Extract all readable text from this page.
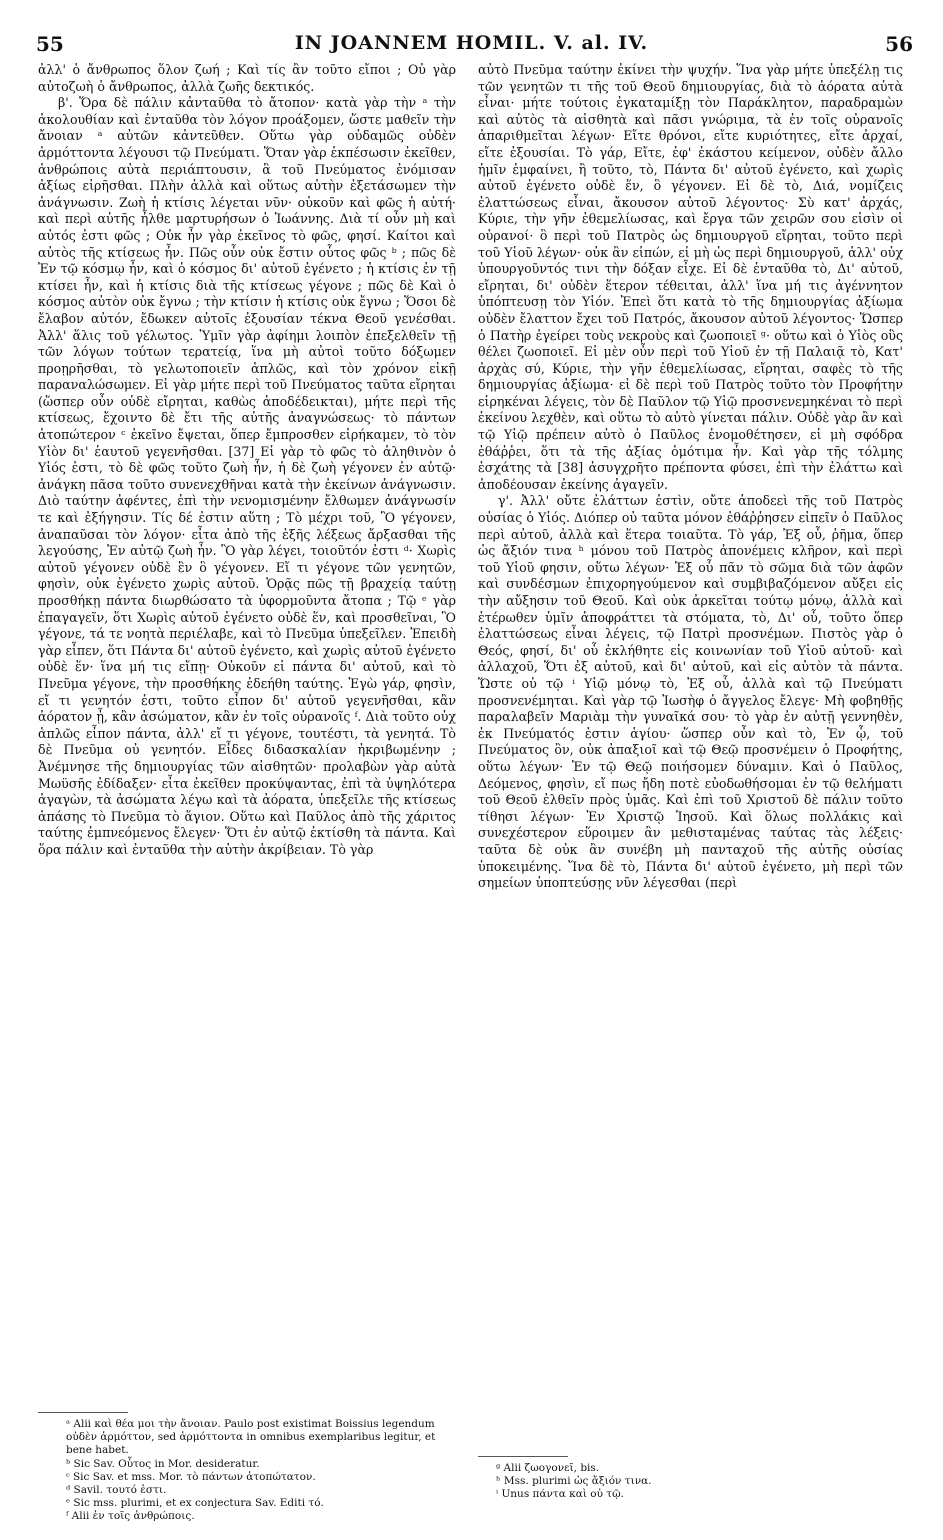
55	IN JOANNEM HOMIL. V. al. IV.	56

ἀλλ' ὁ ἄνθρωπος ὅλον ζωή ; Καὶ τίς ἂν τοῦτο εἴποι ; Οὐ γὰρ αὐτοζωὴ ὁ ἄνθρωπος, ἀλλὰ ζωῆς δεκτικός.

β'. Ὅρα δὲ πάλιν κἀνταῦθα τὸ ἄτοπον· κατὰ γὰρ τὴν ᵃ τὴν ἀκολουθίαν καὶ ἐνταῦθα τὸν λόγον προάξομεν, ὥστε μαθεῖν τὴν ἄνοιαν ᵃ αὐτῶν κἀντεῦθεν. Οὕτω γὰρ οὐδαμῶς οὐδὲν ἁρμόττοντα λέγουσι τῷ Πνεύματι. Ὅταν γὰρ ἐκπέσωσιν ἐκεῖθεν, ἀνθρώποις αὐτὰ περιάπτουσιν, ἃ τοῦ Πνεύματος ἐνόμισαν ἀξίως εἰρῆσθαι. Πλὴν ἀλλὰ καὶ οὕτως αὐτὴν ἐξετάσωμεν τὴν ἀνάγνωσιν. Ζωὴ ἡ κτίσις λέγεται νῦν· οὐκοῦν καὶ φῶς ἡ αὐτή· καὶ περὶ αὐτῆς ἦλθε μαρτυρήσων ὁ Ἰωάννης. Διὰ τί οὖν μὴ καὶ αὐτός ἐστι φῶς ; Οὐκ ἦν γὰρ ἐκεῖνος τὸ φῶς, φησί. Καίτοι καὶ αὐτὸς τῆς κτίσεως ἦν. Πῶς οὖν οὐκ ἔστιν οὗτος φῶς ᵇ ; πῶς δὲ Ἐν τῷ κόσμῳ ἦν, καὶ ὁ κόσμος δι' αὐτοῦ ἐγένετο ; ἡ κτίσις ἐν τῇ κτίσει ἦν, καὶ ἡ κτίσις διὰ τῆς κτίσεως γέγονε ; πῶς δὲ Καὶ ὁ κόσμος αὐτὸν οὐκ ἔγνω ; τὴν κτίσιν ἡ κτίσις οὐκ ἔγνω ; Ὅσοι δὲ ἔλαβον αὐτόν, ἔδωκεν αὐτοῖς ἐξουσίαν τέκνα Θεοῦ γενέσθαι. Ἀλλ' ἅλις τοῦ γέλωτος. Ὑμῖν γὰρ ἀφίημι λοιπὸν ἐπεξελθεῖν τῇ τῶν λόγων τούτων τερατείᾳ, ἵνα μὴ αὐτοὶ τοῦτο δόξωμεν προῃρῆσθαι, τὸ γελωτοποιεῖν ἁπλῶς, καὶ τὸν χρόνον εἰκῇ παραναλώσωμεν. Εἰ γὰρ μήτε περὶ τοῦ Πνεύματος ταῦτα εἴρηται (ὥσπερ οὖν οὐδὲ εἴρηται, καθὼς ἀποδέδεικται), μήτε περὶ τῆς κτίσεως, ἔχοιντο δὲ ἔτι τῆς αὐτῆς ἀναγνώσεως· τὸ πάντων ἀτοπώτερον ᶜ ἐκεῖνο ἔψεται, ὅπερ ἔμπροσθεν εἰρήκαμεν, τὸ τὸν Υἱὸν δι' ἑαυτοῦ γεγενῆσθαι. [37] Εἰ γὰρ τὸ φῶς τὸ ἀληθινὸν ὁ Υἱός ἐστι, τὸ δὲ φῶς τοῦτο ζωὴ ἦν, ἡ δὲ ζωὴ γέγονεν ἐν αὐτῷ· ἀνάγκη πᾶσα τοῦτο συνενεχθῆναι κατὰ τὴν ἐκείνων ἀνάγνωσιν. Διὸ ταύτην ἀφέντες, ἐπὶ τὴν νενομισμένην ἔλθωμεν ἀνάγνωσίν τε καὶ ἐξήγησιν. Τίς δέ ἐστιν αὕτη ; Τὸ μέχρι τοῦ, Ὃ γέγονεν, ἀναπαῦσαι τὸν λόγον· εἶτα ἀπὸ τῆς ἑξῆς λέξεως ἄρξασθαι τῆς λεγούσης, Ἐν αὐτῷ ζωὴ ἦν. Ὃ γὰρ λέγει, τοιοῦτόν ἐστι ᵈ· Χωρὶς αὐτοῦ γέγονεν οὐδὲ ἓν ὃ γέγονεν. Εἴ τι γέγονε τῶν γενητῶν, φησὶν, οὐκ ἐγένετο χωρὶς αὐτοῦ. Ὁρᾷς πῶς τῇ βραχείᾳ ταύτῃ προσθήκῃ πάντα διωρθώσατο τὰ ὑφορμοῦντα ἄτοπα ; Τῷ ᵉ γὰρ ἐπαγαγεῖν, ὅτι Χωρὶς αὐτοῦ ἐγένετο οὐδὲ ἕν, καὶ προσθεῖναι, Ὃ γέγονε, τά τε νοητὰ περιέλαβε, καὶ τὸ Πνεῦμα ὑπεξεῖλεν. Ἐπειδὴ γὰρ εἶπεν, ὅτι Πάντα δι' αὐτοῦ ἐγένετο, καὶ χωρὶς αὐτοῦ ἐγένετο οὐδὲ ἕν· ἵνα μή τις εἴπῃ· Οὐκοῦν εἰ πάντα δι' αὐτοῦ, καὶ τὸ Πνεῦμα γέγονε, τὴν προσθήκης ἐδεήθη ταύτης. Ἐγὼ γάρ, φησὶν, εἴ τι γενητόν ἐστι, τοῦτο εἶπον δι' αὐτοῦ γεγενῆσθαι, κἂν ἀόρατον ᾖ, κἂν ἀσώματον, κἂν ἐν τοῖς οὐρανοῖς ᶠ. Διὰ τοῦτο οὐχ ἁπλῶς εἶπον πάντα, ἀλλ' εἴ τι γέγονε, τουτέστι, τὰ γενητά. Τὸ δὲ Πνεῦμα οὐ γενητόν. Εἶδες διδασκαλίαν ἠκριβωμένην ; Ἀνέμνησε τῆς δημιουργίας τῶν αἰσθητῶν· προλαβὼν γὰρ αὐτὰ Μωϋσῆς ἐδίδαξεν· εἶτα ἐκεῖθεν προκύψαντας, ἐπὶ τὰ ὑψηλότερα ἀγαγὼν, τὰ ἀσώματα λέγω καὶ τὰ ἀόρατα, ὑπεξεῖλε τῆς κτίσεως ἁπάσης τὸ Πνεῦμα τὸ ἅγιον. Οὕτω καὶ Παῦλος ἀπὸ τῆς χάριτος ταύτης ἐμπνεόμενος ἔλεγεν· Ὅτι ἐν αὐτῷ ἐκτίσθη τὰ πάντα. Καὶ ὅρα πάλιν καὶ ἐνταῦθα τὴν αὐτὴν ἀκρίβειαν. Τὸ γὰρ

αὐτὸ Πνεῦμα ταύτην ἐκίνει τὴν ψυχήν. Ἵνα γὰρ μήτε ὑπεξέλῃ τις τῶν γενητῶν τι τῆς τοῦ Θεοῦ δημιουργίας, διὰ τὸ ἀόρατα αὐτὰ εἶναι· μήτε τούτοις ἐγκαταμίξῃ τὸν Παράκλητον, παραδραμὼν καὶ αὐτὸς τὰ αἰσθητὰ καὶ πᾶσι γνώριμα, τὰ ἐν τοῖς οὐρανοῖς ἀπαριθμεῖται λέγων· Εἴτε θρόνοι, εἴτε κυριότητες, εἴτε ἀρχαί, εἴτε ἐξουσίαι. Τὸ γάρ, Εἴτε, ἐφ' ἑκάστου κείμενον, οὐδὲν ἄλλο ἡμῖν ἐμφαίνει, ἢ τοῦτο, τὸ, Πάντα δι' αὐτοῦ ἐγένετο, καὶ χωρὶς αὐτοῦ ἐγένετο οὐδὲ ἕν, ὃ γέγονεν. Εἰ δὲ τὸ, Διά, νομίζεις ἐλαττώσεως εἶναι, ἄκουσον αὐτοῦ λέγοντος· Σὺ κατ' ἀρχάς, Κύριε, τὴν γῆν ἐθεμελίωσας, καὶ ἔργα τῶν χειρῶν σου εἰσὶν οἱ οὐρανοί· ὃ περὶ τοῦ Πατρὸς ὡς δημιουργοῦ εἴρηται, τοῦτο περὶ τοῦ Υἱοῦ λέγων· οὐκ ἂν εἰπών, εἰ μὴ ὡς περὶ δημιουργοῦ, ἀλλ' οὐχ ὑπουργοῦντός τινι τὴν δόξαν εἶχε. Εἰ δὲ ἐνταῦθα τὸ, Δι' αὐτοῦ, εἴρηται, δι' οὐδὲν ἕτερον τέθειται, ἀλλ' ἵνα μή τις ἀγέννητον ὑπόπτευσῃ τὸν Υἱόν. Ἐπεὶ ὅτι κατὰ τὸ τῆς δημιουργίας ἀξίωμα οὐδὲν ἔλαττον ἔχει τοῦ Πατρός, ἄκουσον αὐτοῦ λέγοντος· Ὥσπερ ὁ Πατὴρ ἐγείρει τοὺς νεκροὺς καὶ ζωοποιεῖ ᵍ· οὕτω καὶ ὁ Υἱὸς οὓς θέλει ζωοποιεῖ. Εἰ μὲν οὖν περὶ τοῦ Υἱοῦ ἐν τῇ Παλαιᾷ τὸ, Κατ' ἀρχὰς σύ, Κύριε, τὴν γῆν ἐθεμελίωσας, εἴρηται, σαφὲς τὸ τῆς δημιουργίας ἀξίωμα· εἰ δὲ περὶ τοῦ Πατρὸς τοῦτο τὸν Προφήτην εἰρηκέναι λέγεις, τὸν δὲ Παῦλον τῷ Υἱῷ προσνενεμηκέναι τὸ περὶ ἐκείνου λεχθὲν, καὶ οὕτω τὸ αὐτὸ γίνεται πάλιν. Οὐδὲ γὰρ ἂν καὶ τῷ Υἱῷ πρέπειν αὐτὸ ὁ Παῦλος ἐνομοθέτησεν, εἰ μὴ σφόδρα ἐθάῤῥει, ὅτι τὰ τῆς ἀξίας ὁμότιμα ἦν. Καὶ γὰρ τῆς τόλμης ἐσχάτης τὰ [38] ἀσυγχρῆτο πρέποντα φύσει, ἐπὶ τὴν ἐλάττω καὶ ἀποδέουσαν ἐκείνης ἀγαγεῖν.

γ'. Ἀλλ' οὔτε ἐλάττων ἐστὶν, οὔτε ἀποδεεὶ τῆς τοῦ Πατρὸς οὐσίας ὁ Υἱός. Διόπερ οὐ ταῦτα μόνον ἐθάῤῥησεν εἰπεῖν ὁ Παῦλος περὶ αὐτοῦ, ἀλλὰ καὶ ἕτερα τοιαῦτα. Τὸ γάρ, Ἐξ οὗ, ῥῆμα, ὅπερ ὡς ἄξιόν τινα ʰ μόνου τοῦ Πατρὸς ἀπονέμεις κλῆρον, καὶ περὶ τοῦ Υἱοῦ φησιν, οὕτω λέγων· Ἐξ οὗ πᾶν τὸ σῶμα διὰ τῶν ἁφῶν καὶ συνδέσμων ἐπιχορηγούμενον καὶ συμβιβαζόμενον αὔξει εἰς τὴν αὔξησιν τοῦ Θεοῦ. Καὶ οὐκ ἀρκεῖται τούτῳ μόνῳ, ἀλλὰ καὶ ἑτέρωθεν ὑμῖν ἀποφράττει τὰ στόματα, τὸ, Δι' οὗ, τοῦτο ὅπερ ἐλαττώσεως εἶναι λέγεις, τῷ Πατρὶ προσνέμων. Πιστὸς γὰρ ὁ Θεός, φησί, δι' οὗ ἐκλήθητε εἰς κοινωνίαν τοῦ Υἱοῦ αὐτοῦ· καὶ ἀλλαχοῦ, Ὅτι ἐξ αὐτοῦ, καὶ δι' αὐτοῦ, καὶ εἰς αὐτὸν τὰ πάντα. Ὥστε οὐ τῷ ⁱ Υἱῷ μόνῳ τὸ, Ἐξ οὗ, ἀλλὰ καὶ τῷ Πνεύματι προσνενέμηται. Καὶ γὰρ τῷ Ἰωσὴφ ὁ ἄγγελος ἔλεγε· Μὴ φοβηθῇς παραλαβεῖν Μαριὰμ τὴν γυναῖκά σου· τὸ γὰρ ἐν αὐτῇ γεννηθὲν, ἐκ Πνεύματός ἐστιν ἁγίου· ὥσπερ οὖν καὶ τὸ, Ἐν ᾧ, τοῦ Πνεύματος ὂν, οὐκ ἀπαξιοῖ καὶ τῷ Θεῷ προσνέμειν ὁ Προφήτης, οὕτω λέγων· Ἐν τῷ Θεῷ ποιήσομεν δύναμιν. Καὶ ὁ Παῦλος, Δεόμενος, φησὶν, εἴ πως ἤδη ποτὲ εὐοδωθήσομαι ἐν τῷ θελήματι τοῦ Θεοῦ ἐλθεῖν πρὸς ὑμᾶς. Καὶ ἐπὶ τοῦ Χριστοῦ δὲ πάλιν τοῦτο τίθησι λέγων· Ἐν Χριστῷ Ἰησοῦ. Καὶ ὅλως πολλάκις καὶ συνεχέστερον εὕροιμεν ἂν μεθισταμένας ταύτας τὰς λέξεις· ταῦτα δὲ οὐκ ἂν συνέβη μὴ πανταχοῦ τῆς αὐτῆς οὐσίας ὑποκειμένης. Ἵνα δὲ τὸ, Πάντα δι' αὐτοῦ ἐγένετο, μὴ περὶ τῶν σημείων ὑποπτεύσῃς νῦν λέγεσθαι (περὶ

ᵃ Alii καὶ θέα μοι τὴν ἄνοιαν. Paulo post existimat Boissius legendum οὐδὲν ἁρμόττον, sed ἁρμόττοντα in omnibus exemplaribus legitur, et bene habet.
ᵇ Sic Sav. Οὗτος in Mor. desideratur.
ᶜ Sic Sav. et mss. Mor. τὸ πάντων ἀτοπώτατον.
ᵈ Savil. τουτό ἐστι.
ᵉ Sic mss. plurimi, et ex conjectura Sav. Editi τό.
ᶠ Alii ἐν τοῖς ἀνθρώποις.
ᵍ Alii ζωογονεῖ, bis.
ʰ Mss. plurimi ὡς ἄξιόν τινα.
ⁱ Unus πάντα καὶ οὐ τῷ.
